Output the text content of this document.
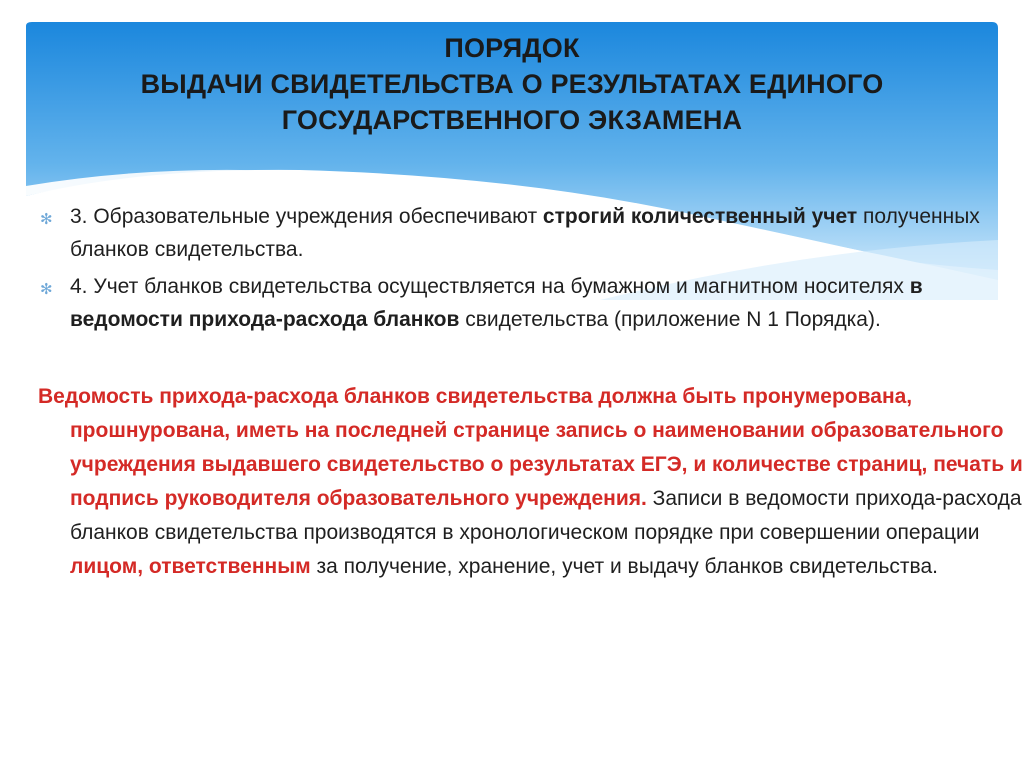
ПОРЯДОК
ВЫДАЧИ СВИДЕТЕЛЬСТВА О РЕЗУЛЬТАТАХ ЕДИНОГО
ГОСУДАРСТВЕННОГО ЭКЗАМЕНА
✻ 3. Образовательные учреждения обеспечивают строгий количественный учет полученных бланков свидетельства.
✻ 4. Учет бланков свидетельства осуществляется на бумажном и магнитном носителях в ведомости прихода-расхода бланков свидетельства (приложение N 1 Порядка).
Ведомость прихода-расхода бланков свидетельства должна быть пронумерована, прошнурована, иметь на последней странице запись о наименовании образовательного учреждения выдавшего свидетельство о результатах ЕГЭ, и количестве страниц, печать и подпись руководителя образовательного учреждения. Записи в ведомости прихода-расхода бланков свидетельства производятся в хронологическом порядке при совершении операции лицом, ответственным за получение, хранение, учет и выдачу бланков свидетельства.
